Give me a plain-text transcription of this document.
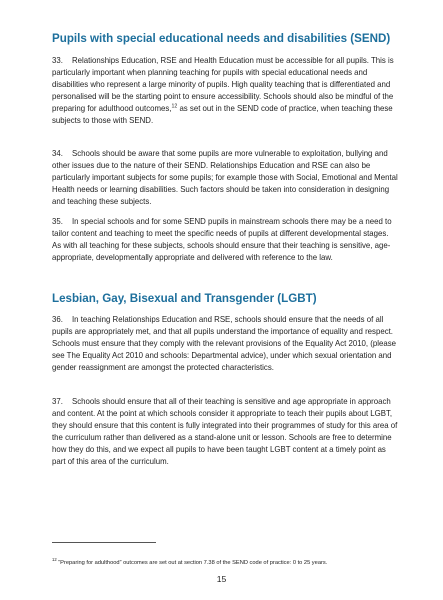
Pupils with special educational needs and disabilities (SEND)

33. Relationships Education, RSE and Health Education must be accessible for all pupils. This is particularly important when planning teaching for pupils with special educational needs and disabilities who represent a large minority of pupils. High quality teaching that is differentiated and personalised will be the starting point to ensure accessibility. Schools should also be mindful of the preparing for adulthood outcomes,$^{12}$ as set out in the SEND code of practice, when teaching these subjects to those with SEND.

34. Schools should be aware that some pupils are more vulnerable to exploitation, bullying and other issues due to the nature of their SEND. Relationships Education and RSE can also be particularly important subjects for some pupils; for example those with Social, Emotional and Mental Health needs or learning disabilities. Such factors should be taken into consideration in designing and teaching these subjects.

35. In special schools and for some SEND pupils in mainstream schools there may be a need to tailor content and teaching to meet the specific needs of pupils at different developmental stages. As with all teaching for these subjects, schools should ensure that their teaching is sensitive, age-appropriate, developmentally appropriate and delivered with reference to the law.

Lesbian, Gay, Bisexual and Transgender (LGBT)

36. In teaching Relationships Education and RSE, schools should ensure that the needs of all pupils are appropriately met, and that all pupils understand the importance of equality and respect. Schools must ensure that they comply with the relevant provisions of the Equality Act 2010, (please see The Equality Act 2010 and schools: Departmental advice), under which sexual orientation and gender reassignment are amongst the protected characteristics.

37. Schools should ensure that all of their teaching is sensitive and age appropriate in approach and content. At the point at which schools consider it appropriate to teach their pupils about LGBT, they should ensure that this content is fully integrated into their programmes of study for this area of the curriculum rather than delivered as a stand-alone unit or lesson. Schools are free to determine how they do this, and we expect all pupils to have been taught LGBT content at a timely point as part of this area of the curriculum.

$^{12}$ “Preparing for adulthood” outcomes are set out at section 7.38 of the SEND code of practice: 0 to 25 years.
15
